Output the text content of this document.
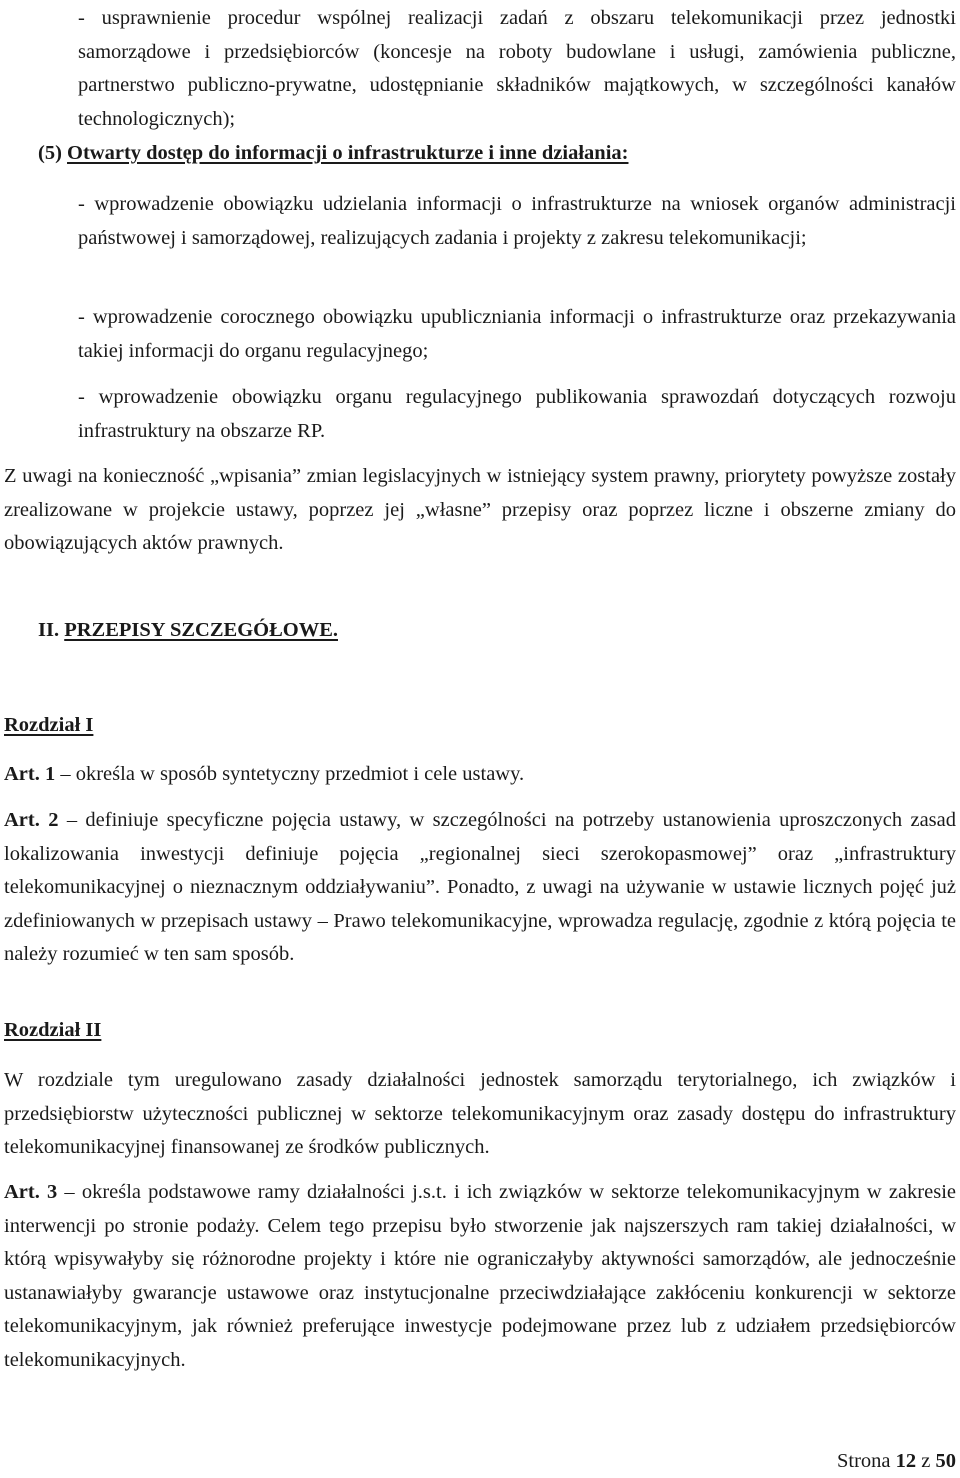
- usprawnienie procedur wspólnej realizacji zadań z obszaru telekomunikacji przez jednostki samorządowe i przedsiębiorców (koncesje na roboty budowlane i usługi, zamówienia publiczne, partnerstwo publiczno-prywatne, udostępnianie składników majątkowych, w szczególności kanałów technologicznych);

(5) Otwarty dostęp do informacji o infrastrukturze i inne działania:

- wprowadzenie obowiązku udzielania informacji o infrastrukturze na wniosek organów administracji państwowej i samorządowej, realizujących zadania i projekty z zakresu telekomunikacji;

- wprowadzenie corocznego obowiązku upubliczniania informacji o infrastrukturze oraz przekazywania takiej informacji do organu regulacyjnego;

- wprowadzenie obowiązku organu regulacyjnego publikowania sprawozdań dotyczących rozwoju infrastruktury na obszarze RP.

Z uwagi na konieczność „wpisania” zmian legislacyjnych w istniejący system prawny, priorytety powyższe zostały zrealizowane w projekcie ustawy, poprzez jej „własne” przepisy oraz poprzez liczne i obszerne zmiany do obowiązujących aktów prawnych.

II. PRZEPISY SZCZEGÓŁOWE.

Rozdział I

Art. 1 – określa w sposób syntetyczny przedmiot i cele ustawy.

Art. 2 – definiuje specyficzne pojęcia ustawy, w szczególności na potrzeby ustanowienia uproszczonych zasad lokalizowania inwestycji definiuje pojęcia „regionalnej sieci szerokopasmowej” oraz „infrastruktury telekomunikacyjnej o nieznacznym oddziaływaniu”. Ponadto, z uwagi na używanie w ustawie licznych pojęć już zdefiniowanych w przepisach ustawy – Prawo telekomunikacyjne, wprowadza regulację, zgodnie z którą pojęcia te należy rozumieć w ten sam sposób.

Rozdział II

W rozdziale tym uregulowano zasady działalności jednostek samorządu terytorialnego, ich związków i przedsiębiorstw użyteczności publicznej w sektorze telekomunikacyjnym oraz zasady dostępu do infrastruktury telekomunikacyjnej finansowanej ze środków publicznych.

Art. 3 – określa podstawowe ramy działalności j.s.t. i ich związków w sektorze telekomunikacyjnym w zakresie interwencji po stronie podaży. Celem tego przepisu było stworzenie jak najszerszych ram takiej działalności, w którą wpisywałyby się różnorodne projekty i które nie ograniczałyby aktywności samorządów, ale jednocześnie ustanawiałyby gwarancje ustawowe oraz instytucjonalne przeciwdziałające zakłóceniu konkurencji w sektorze telekomunikacyjnym, jak również preferujące inwestycje podejmowane przez lub z udziałem przedsiębiorców telekomunikacyjnych.

Strona 12 z 50
